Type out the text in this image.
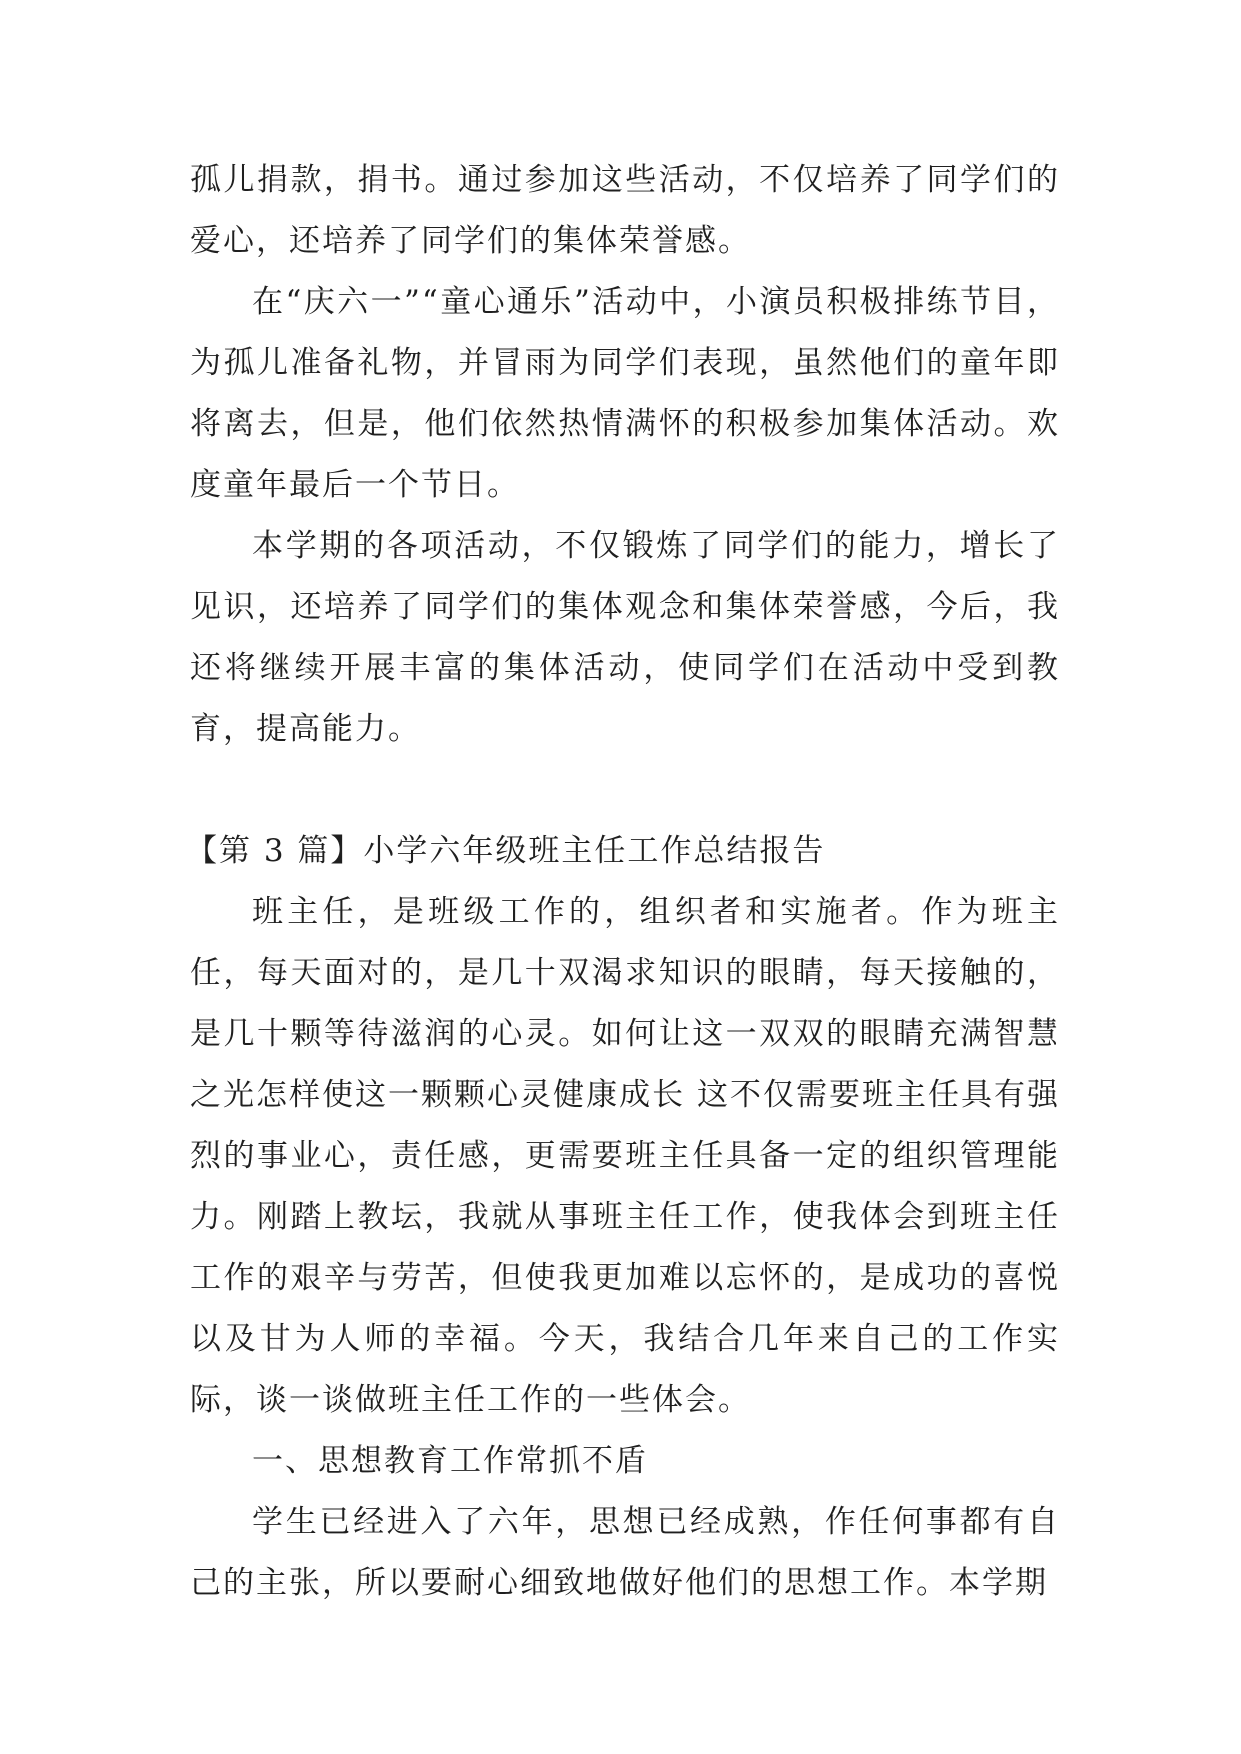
孤儿捐款，捐书。通过参加这些活动，不仅培养了同学们的爱心，还培养了同学们的集体荣誉感。

在“庆六一”“童心通乐”活动中，小演员积极排练节目，为孤儿准备礼物，并冒雨为同学们表现，虽然他们的童年即将离去，但是，他们依然热情满怀的积极参加集体活动。欢度童年最后一个节日。

本学期的各项活动，不仅锻炼了同学们的能力，增长了见识，还培养了同学们的集体观念和集体荣誉感，今后，我还将继续开展丰富的集体活动，使同学们在活动中受到教育，提高能力。

【第 3 篇】小学六年级班主任工作总结报告

班主任，是班级工作的，组织者和实施者。作为班主任，每天面对的，是几十双渴求知识的眼睛，每天接触的，是几十颗等待滋润的心灵。如何让这一双双的眼睛充满智慧之光怎样使这一颗颗心灵健康成长 这不仅需要班主任具有强烈的事业心，责任感，更需要班主任具备一定的组织管理能力。刚踏上教坛，我就从事班主任工作，使我体会到班主任工作的艰辛与劳苦，但使我更加难以忘怀的，是成功的喜悦以及甘为人师的幸福。今天，我结合几年来自己的工作实际，谈一谈做班主任工作的一些体会。

一、思想教育工作常抓不盾

学生已经进入了六年，思想已经成熟，作任何事都有自己的主张，所以要耐心细致地做好他们的思想工作。本学期
